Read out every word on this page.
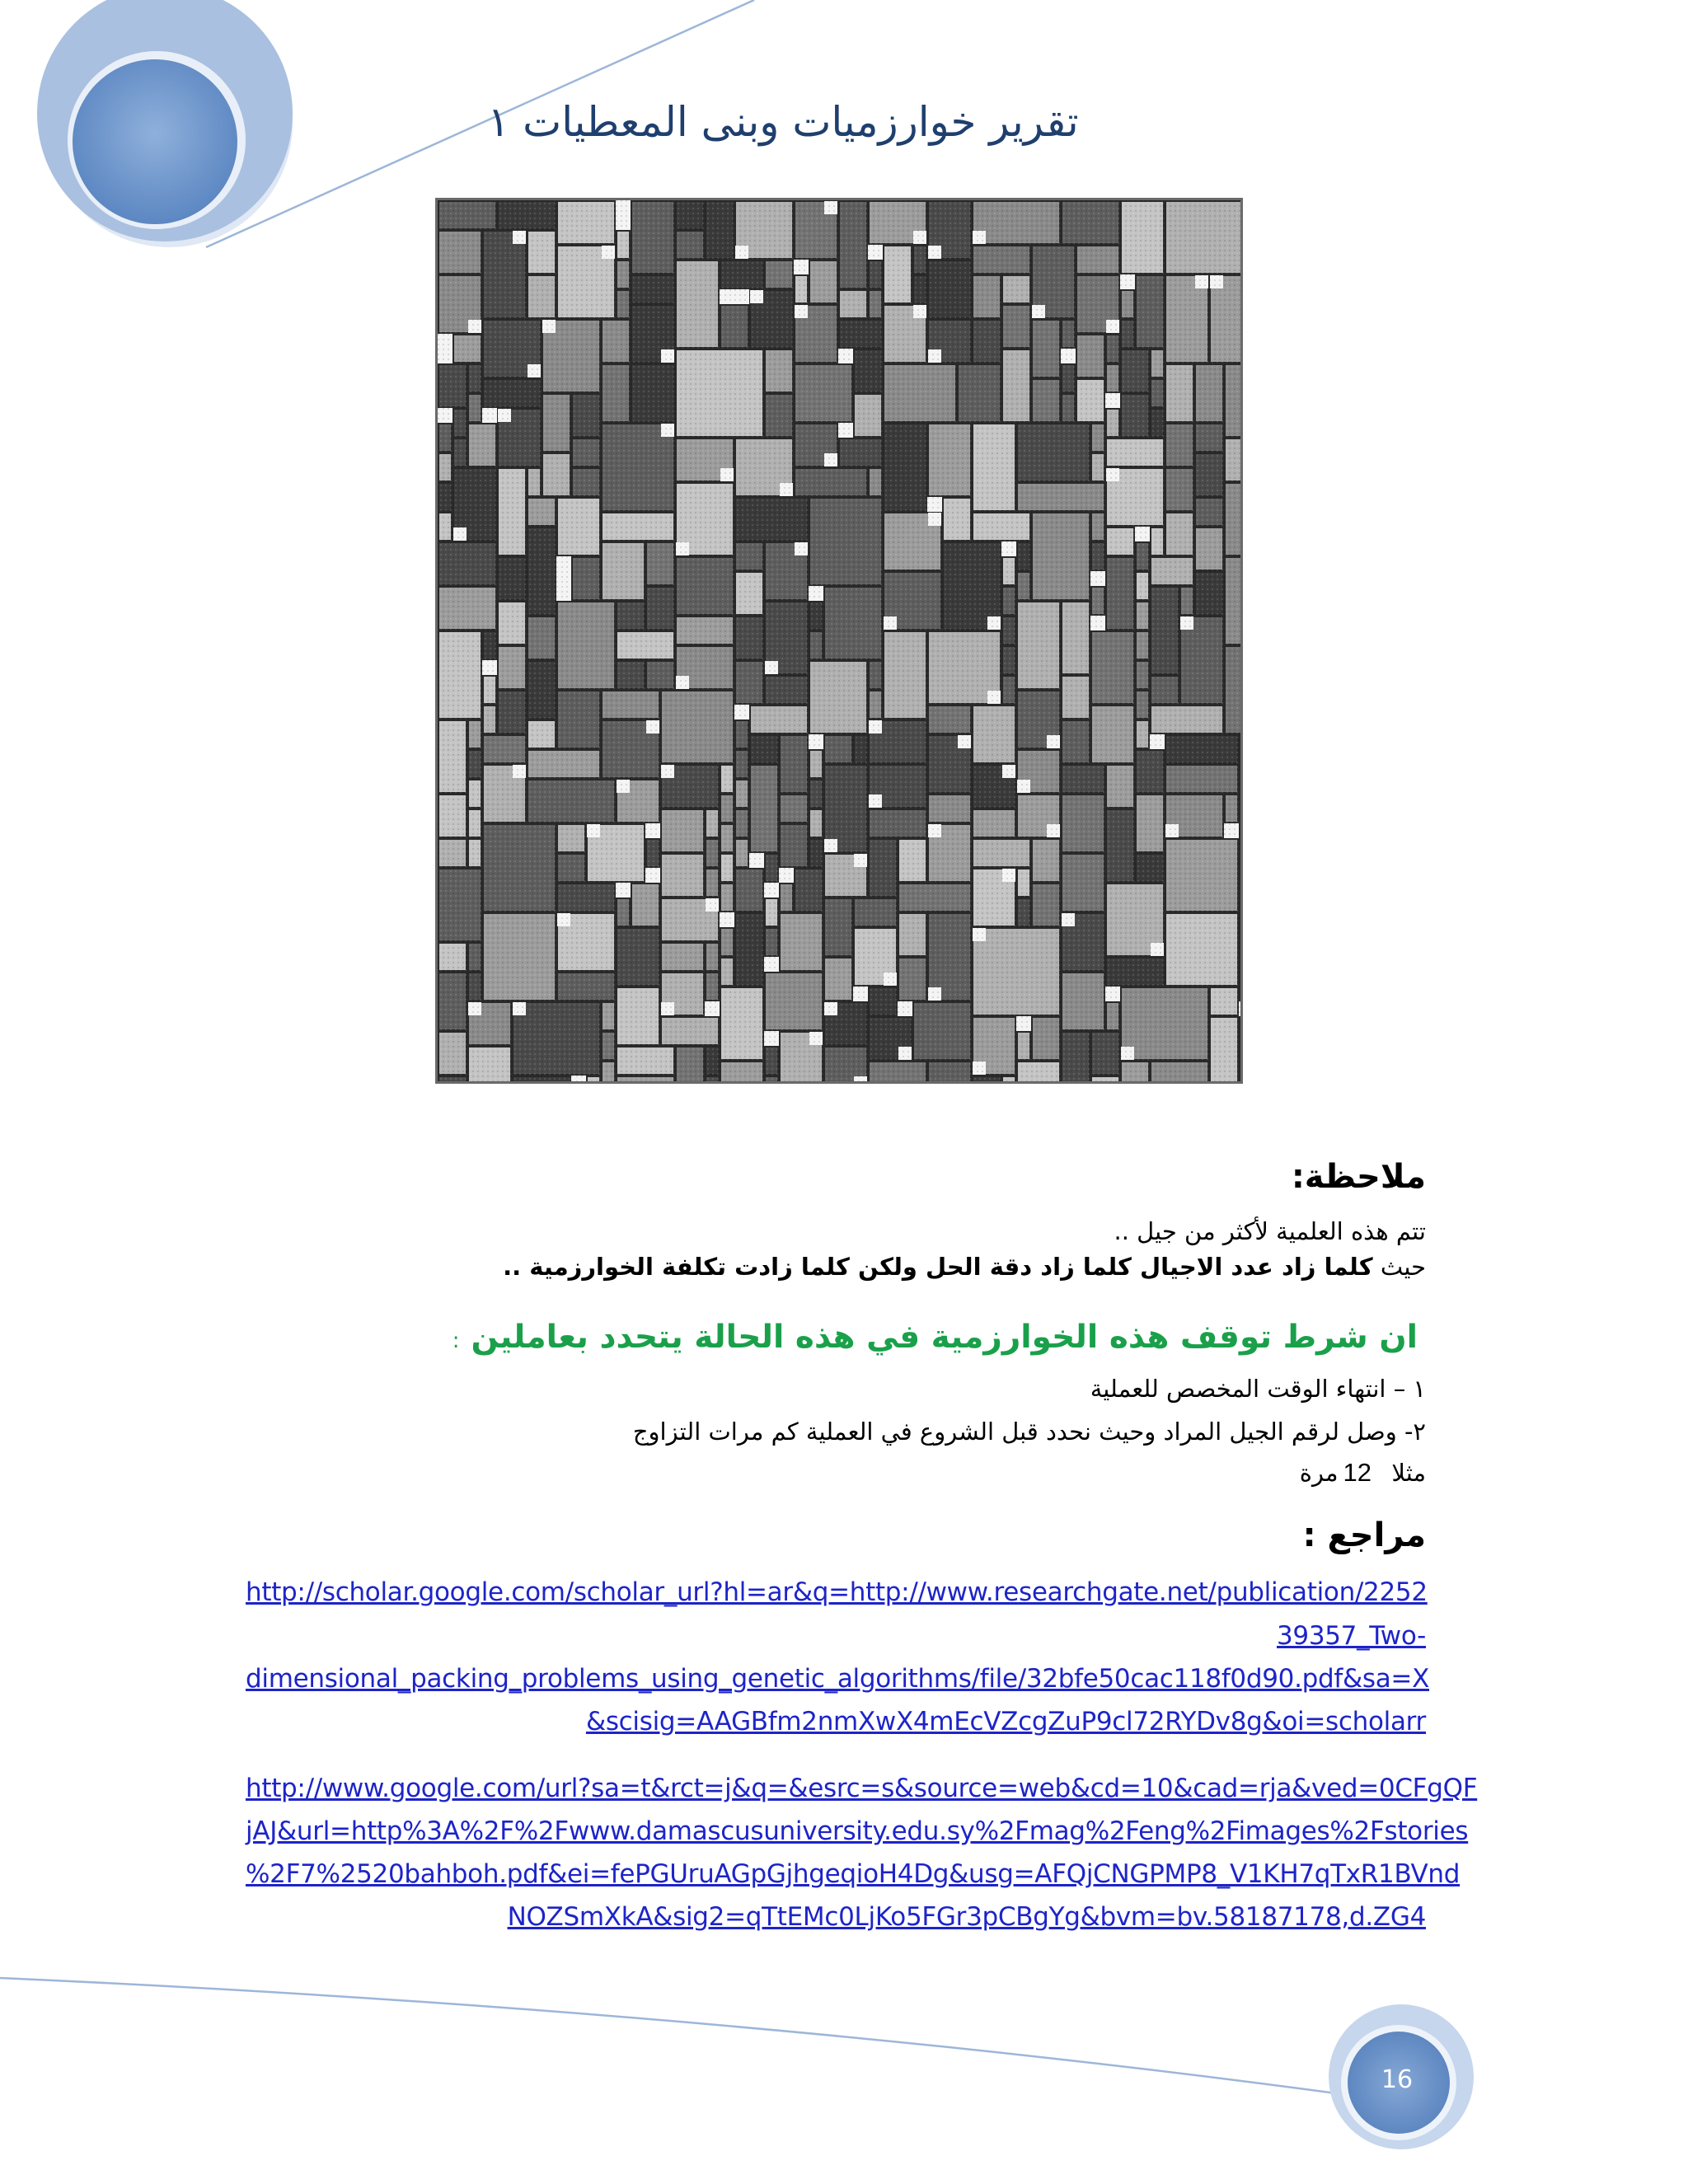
تقرير خوارزميات وبنى المعطيات ١
ملاحظة:
تتم هذه العلمية لأكثر من جيل ..
حيث كلما زاد عدد الاجيال كلما زاد دقة الحل ولكن كلما زادت تكلفة الخوارزمية ..
ان شرط توقف هذه الخوارزمية في هذه الحالة يتحدد بعاملين:
١ – انتهاء الوقت المخصص للعملية
٢- وصل لرقم الجيل المراد وحيث نحدد قبل الشروع في العملية كم مرات التزاوج
مثلا  12مرة
مراجع :
http://scholar.google.com/scholar_url?hl=ar&q=http://www.researchgate.net/publication/2252
39357_Two-
dimensional_packing_problems_using_genetic_algorithms/file/32bfe50cac118f0d90.pdf&sa=X
&scisig=AAGBfm2nmXwX4mEcVZcgZuP9cl72RYDv8g&oi=scholarr
http://www.google.com/url?sa=t&rct=j&q=&esrc=s&source=web&cd=10&cad=rja&ved=0CFgQF
jAJ&url=http%3A%2F%2Fwww.damascusuniversity.edu.sy%2Fmag%2Feng%2Fimages%2Fstories
%2F7%2520bahboh.pdf&ei=fePGUruAGpGjhgeqioH4Dg&usg=AFQjCNGPMP8_V1KH7qTxR1BVnd
NOZSmXkA&sig2=qTtEMc0LjKo5FGr3pCBgYg&bvm=bv.58187178,d.ZG4
16
